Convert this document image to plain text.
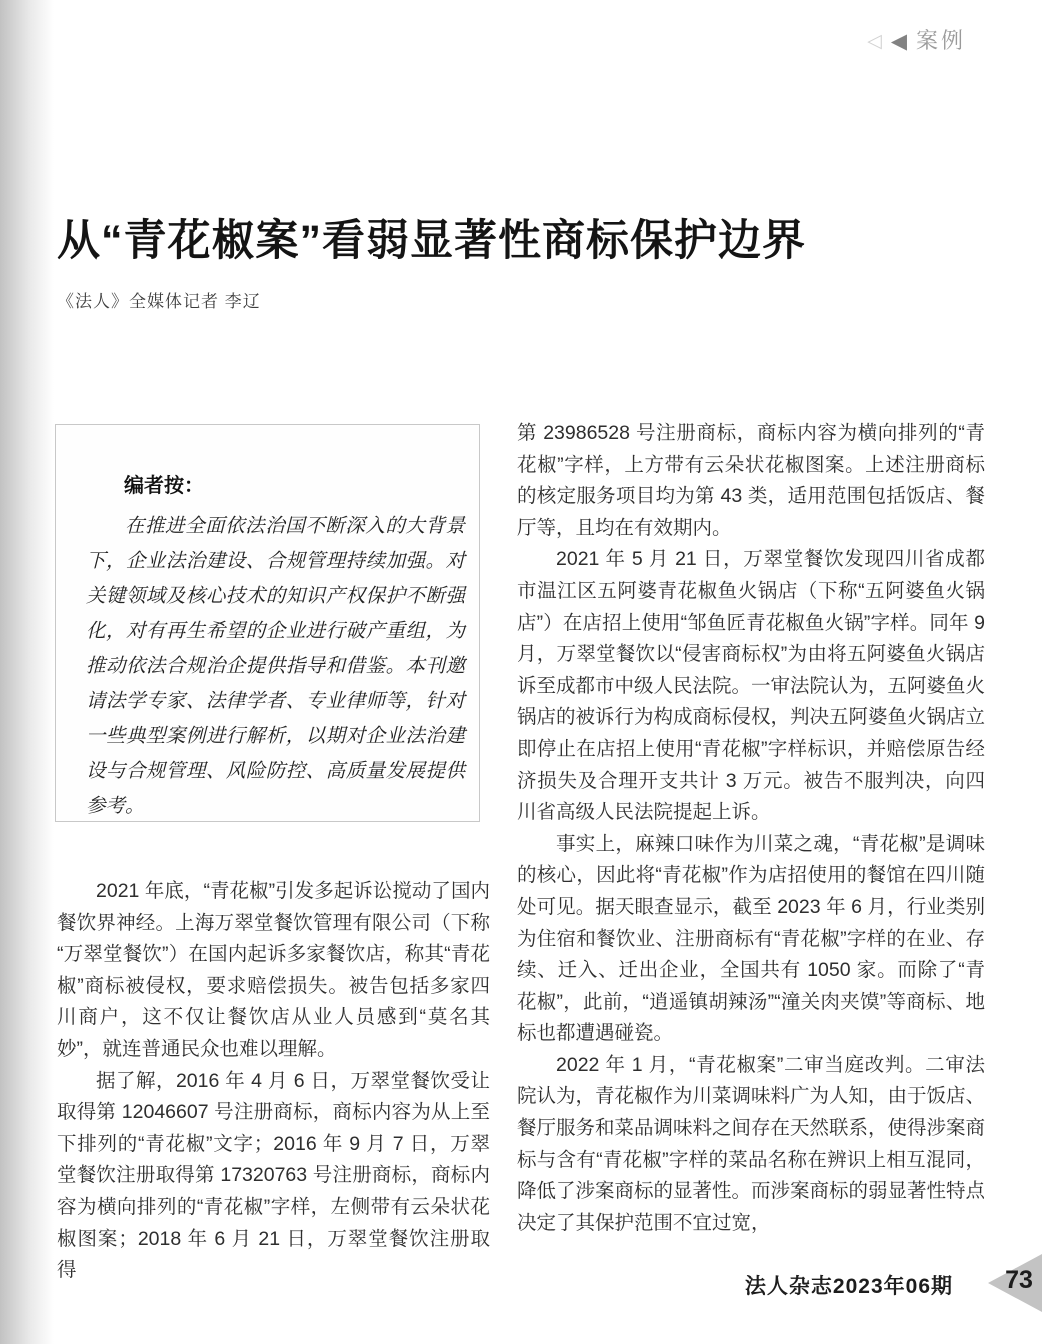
◁ ◀ 案例
从“青花椒案”看弱显著性商标保护边界
《法人》全媒体记者 李辽
编者按：

在推进全面依法治国不断深入的大背景下，企业法治建设、合规管理持续加强。对关键领域及核心技术的知识产权保护不断强化，对有再生希望的企业进行破产重组，为推动依法合规治企提供指导和借鉴。本刊邀请法学专家、法律学者、专业律师等，针对一些典型案例进行解析，以期对企业法治建设与合规管理、风险防控、高质量发展提供参考。

2021 年底，“青花椒”引发多起诉讼搅动了国内餐饮界神经。上海万翠堂餐饮管理有限公司（下称“万翠堂餐饮”）在国内起诉多家餐饮店，称其“青花椒”商标被侵权，要求赔偿损失。被告包括多家四川商户，这不仅让餐饮店从业人员感到“莫名其妙”，就连普通民众也难以理解。

据了解，2016 年 4 月 6 日，万翠堂餐饮受让取得第 12046607 号注册商标，商标内容为从上至下排列的“青花椒”文字；2016 年 9 月 7 日，万翠堂餐饮注册取得第 17320763 号注册商标，商标内容为横向排列的“青花椒”字样，左侧带有云朵状花椒图案；2018 年 6 月 21 日，万翠堂餐饮注册取得

第 23986528 号注册商标，商标内容为横向排列的“青花椒”字样，上方带有云朵状花椒图案。上述注册商标的核定服务项目均为第 43 类，适用范围包括饭店、餐厅等，且均在有效期内。

2021 年 5 月 21 日，万翠堂餐饮发现四川省成都市温江区五阿婆青花椒鱼火锅店（下称“五阿婆鱼火锅店”）在店招上使用“邹鱼匠青花椒鱼火锅”字样。同年 9 月，万翠堂餐饮以“侵害商标权”为由将五阿婆鱼火锅店诉至成都市中级人民法院。一审法院认为，五阿婆鱼火锅店的被诉行为构成商标侵权，判决五阿婆鱼火锅店立即停止在店招上使用“青花椒”字样标识，并赔偿原告经济损失及合理开支共计 3 万元。被告不服判决，向四川省高级人民法院提起上诉。

事实上，麻辣口味作为川菜之魂，“青花椒”是调味的核心，因此将“青花椒”作为店招使用的餐馆在四川随处可见。据天眼查显示，截至 2023 年 6 月，行业类别为住宿和餐饮业、注册商标有“青花椒”字样的在业、存续、迁入、迁出企业，全国共有 1050 家。而除了“青花椒”，此前，“逍遥镇胡辣汤”“潼关肉夹馍”等商标、地标也都遭遇碰瓷。

2022 年 1 月，“青花椒案”二审当庭改判。二审法院认为，青花椒作为川菜调味料广为人知，由于饭店、餐厅服务和菜品调味料之间存在天然联系，使得涉案商标与含有“青花椒”字样的菜品名称在辨识上相互混同，降低了涉案商标的显著性。而涉案商标的弱显著性特点决定了其保护范围不宜过宽，

法人杂志2023年06期 73
